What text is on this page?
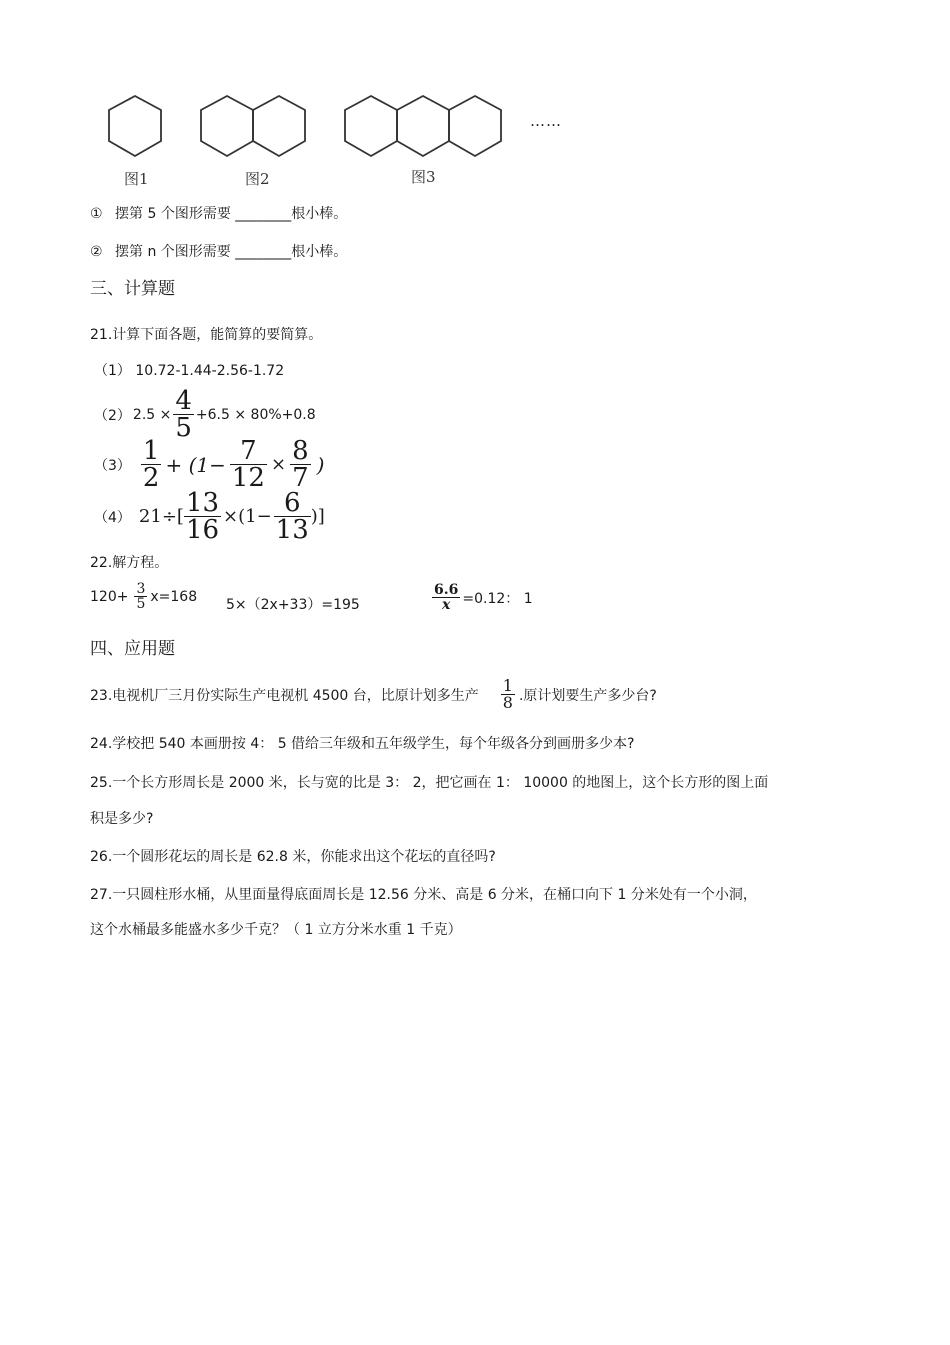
……
图1	图2	图3
① 摆第 5 个图形需要 ________根小棒。
② 摆第 n 个图形需要 ________根小棒。
三、计算题
21.计算下面各题，能简算的要简算。
（1） 10.72-1.44-2.56-1.72
（2） $2.5 \times \frac{4}{5} +6.5 \times 80\%+0.8$
$(3) \frac{1}{2} + (1- \frac{7}{12} \times \frac{8}{7}$ )
（4） $21\div[ \frac{13}{16} \times(1- \frac{6}{13}$ )]
22.解方程。
$120+ \frac{3}{5} x=168$
5×（2x+33）=195	$\frac{6.6}{x} =0.12$： 1
四、应用题
23.电视机厂三月份实际生产电视机 4500 台，比原计划多生产 $\frac{1}{8}$ .原计划要生产多少台?
24.学校把 540 本画册按 4： 5 借给三年级和五年级学生，每个年级各分到画册多少本?
25.一个长方形周长是 2000 米，长与宽的比是 3： 2，把它画在 1： 10000 的地图上，这个长方形的图上面
积是多少?
26.一个圆形花坛的周长是 62.8 米，你能求出这个花坛的直径吗?
27.一只圆柱形水桶，从里面量得底面周长是 12.56 分米、高是 6 分米，在桶口向下 1 分米处有一个小洞，
这个水桶最多能盛水多少千克？（ 1 立方分米水重 1 千克）
